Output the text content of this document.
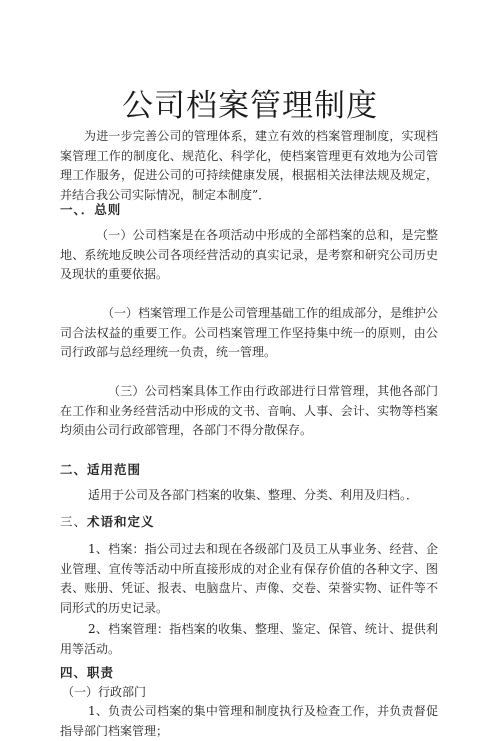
公司档案管理制度
为进一步完善公司的管理体系，建立有效的档案管理制度，实现档案管理工作的制度化、规范化、科学化，使档案管理更有效地为公司管理工作服务，促进公司的可持续健康发展，根据相关法律法规及规定，并结合我公司实际情况，制定本制度”．
一、．总则
（一）公司档案是在各项活动中形成的全部档案的总和，是完整地、系统地反映公司各项经营活动的真实记录，是考察和研究公司历史及现状的重要依据。
（一）档案管理工作是公司管理基础工作的组成部分，是维护公司合法权益的重要工作。公司档案管理工作坚持集中统一的原则，由公司行政部与总经理统一负责，统一管理。
（三）公司档案具体工作由行政部进行日常管理，其他各部门在工作和业务经营活动中形成的文书、音响、人事、会计、实物等档案均须由公司行政部管理，各部门不得分散保存。
二、适用范围
适用于公司及各部门档案的收集、整理、分类、利用及归档。．
三、术语和定义
1、档案：指公司过去和现在各级部门及员工从事业务、经营、企业管理、宣传等活动中所直接形成的对企业有保存价值的各种文字、图表、账册、凭证、报表、电脑盘片、声像、交卷、荣誉实物、证件等不同形式的历史记录。
2、档案管理：指档案的收集、整理、鉴定、保管、统计、提供利用等活动。
四、职责
（一）行政部门
1、负责公司档案的集中管理和制度执行及检查工作，并负责督促指导部门档案管理；
